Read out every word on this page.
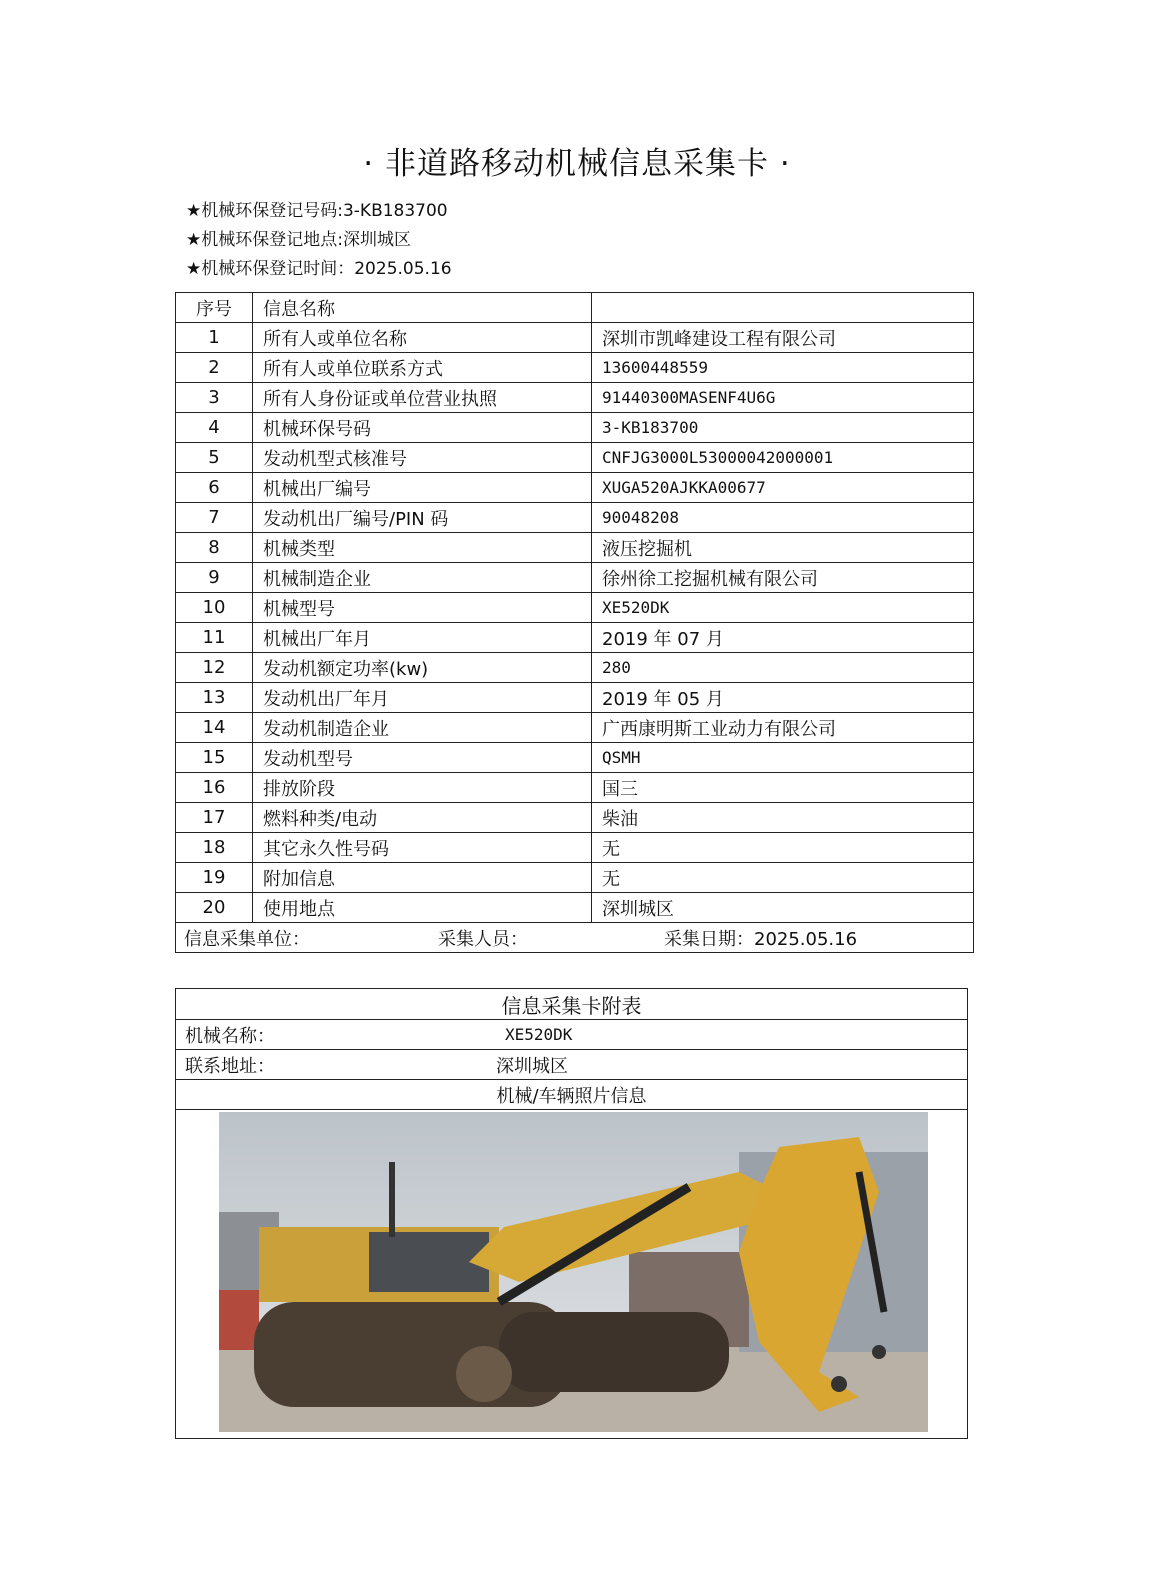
· 非道路移动机械信息采集卡 ·
★机械环保登记号码:3-KB183700
★机械环保登记地点:深圳城区
★机械环保登记时间：2025.05.16
序号	信息名称	
1	所有人或单位名称	深圳市凯峰建设工程有限公司
2	所有人或单位联系方式	13600448559
3	所有人身份证或单位营业执照	91440300MASENF4U6G
4	机械环保号码	3-KB183700
5	发动机型式核准号	CNFJG3000L53000042000001
6	机械出厂编号	XUGA520AJKKA00677
7	发动机出厂编号/PIN 码	90048208
8	机械类型	液压挖掘机
9	机械制造企业	徐州徐工挖掘机械有限公司
10	机械型号	XE520DK
11	机械出厂年月	2019 年 07 月
12	发动机额定功率(kw)	280
13	发动机出厂年月	2019 年 05 月
14	发动机制造企业	广西康明斯工业动力有限公司
15	发动机型号	QSMH
16	排放阶段	国三
17	燃料种类/电动	柴油
18	其它永久性号码	无
19	附加信息	无
20	使用地点	深圳城区

信息采集单位： 采集人员： 采集日期：2025.05.16		
信息采集卡附表
机械名称：	XE520DK
联系地址：	深圳城区
机械/车辆照片信息
